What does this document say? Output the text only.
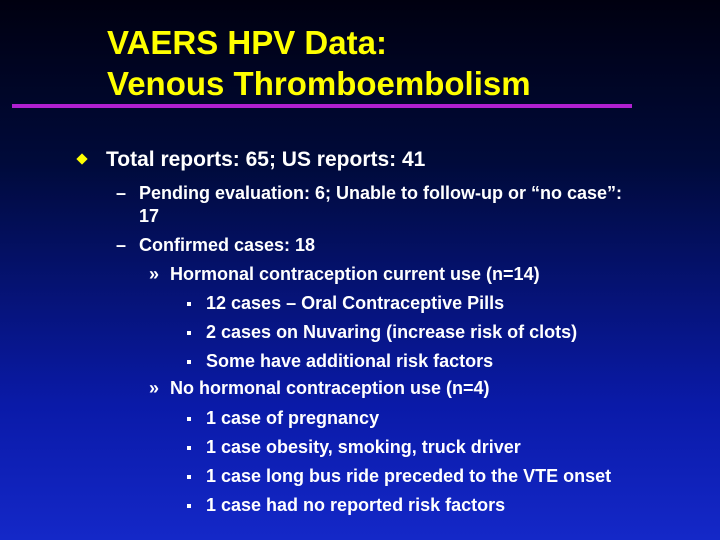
VAERS HPV Data:
Venous Thromboembolism
Total reports: 65; US reports: 41
– Pending evaluation: 6; Unable to follow-up or “no case”:
17
– Confirmed cases: 18
» Hormonal contraception current use (n=14)
12 cases – Oral Contraceptive Pills
2 cases on Nuvaring (increase risk of clots)
Some have additional risk factors
» No hormonal contraception use (n=4)
1 case of pregnancy
1 case obesity, smoking, truck driver
1 case long bus ride preceded to the VTE onset
1 case had no reported risk factors
